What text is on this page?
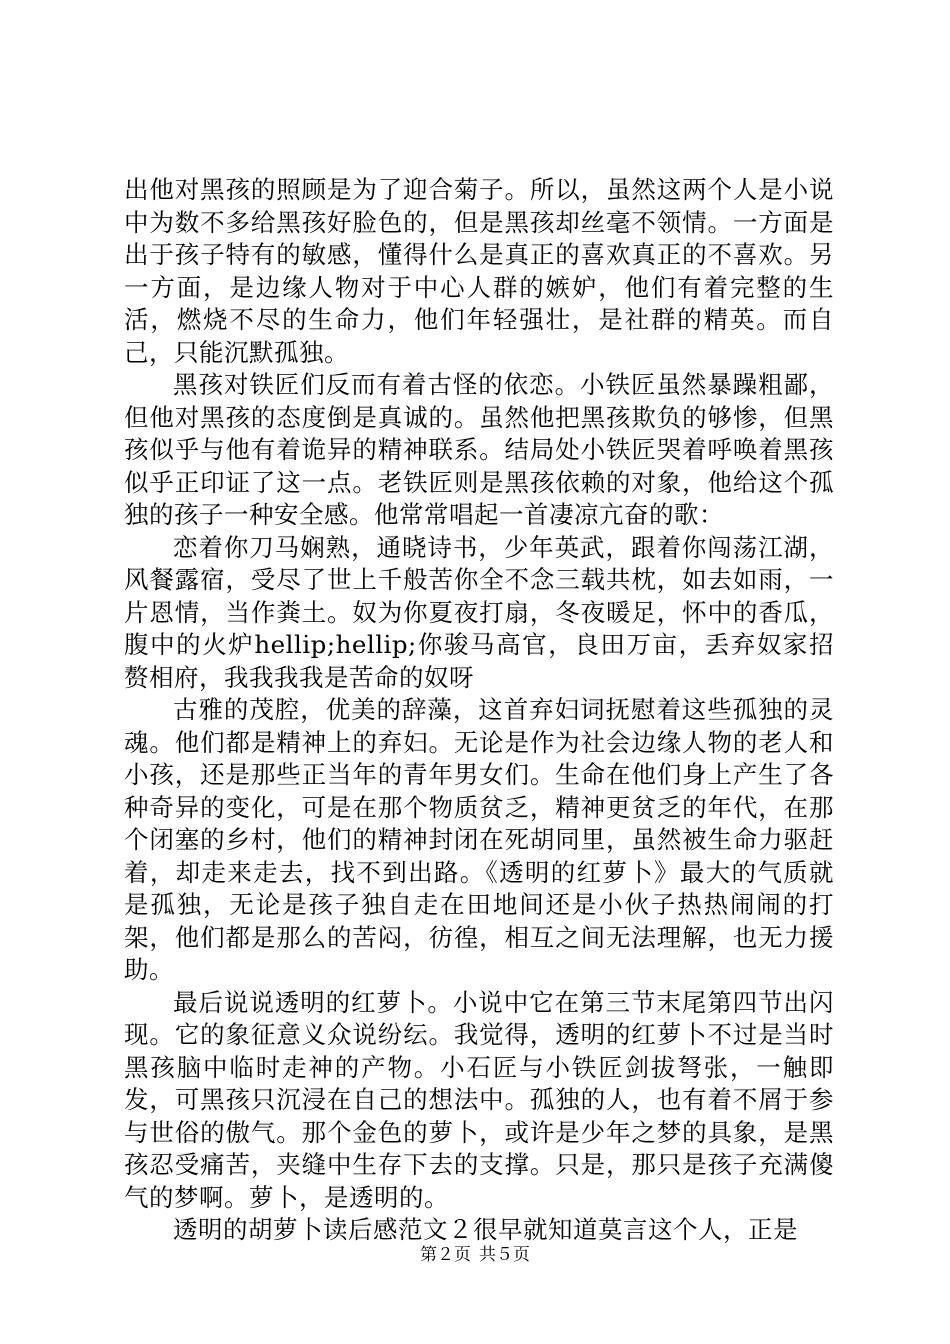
出他对黑孩的照顾是为了迎合菊子。所以，虽然这两个人是小说中为数不多给黑孩好脸色的，但是黑孩却丝毫不领情。一方面是出于孩子特有的敏感，懂得什么是真正的喜欢真正的不喜欢。另一方面，是边缘人物对于中心人群的嫉妒，他们有着完整的生活，燃烧不尽的生命力，他们年轻强壮，是社群的精英。而自己，只能沉默孤独。

黑孩对铁匠们反而有着古怪的依恋。小铁匠虽然暴躁粗鄙，但他对黑孩的态度倒是真诚的。虽然他把黑孩欺负的够惨，但黑孩似乎与他有着诡异的精神联系。结局处小铁匠哭着呼唤着黑孩似乎正印证了这一点。老铁匠则是黑孩依赖的对象，他给这个孤独的孩子一种安全感。他常常唱起一首凄凉亢奋的歌：

恋着你刀马娴熟，通晓诗书，少年英武，跟着你闯荡江湖，风餐露宿，受尽了世上千般苦你全不念三载共枕，如去如雨，一片恩情，当作粪土。奴为你夏夜打扇，冬夜暖足，怀中的香瓜，腹中的火炉hellip;hellip;你骏马高官，良田万亩，丢弃奴家招赘相府，我我我我是苦命的奴呀

古雅的茂腔，优美的辞藻，这首弃妇词抚慰着这些孤独的灵魂。他们都是精神上的弃妇。无论是作为社会边缘人物的老人和小孩，还是那些正当年的青年男女们。生命在他们身上产生了各种奇异的变化，可是在那个物质贫乏，精神更贫乏的年代，在那个闭塞的乡村，他们的精神封闭在死胡同里，虽然被生命力驱赶着，却走来走去，找不到出路。《透明的红萝卜》最大的气质就是孤独，无论是孩子独自走在田地间还是小伙子热热闹闹的打架，他们都是那么的苦闷，彷徨，相互之间无法理解，也无力援助。

最后说说透明的红萝卜。小说中它在第三节末尾第四节出闪现。它的象征意义众说纷纭。我觉得，透明的红萝卜不过是当时黑孩脑中临时走神的产物。小石匠与小铁匠剑拔弩张，一触即发，可黑孩只沉浸在自己的想法中。孤独的人，也有着不屑于参与世俗的傲气。那个金色的萝卜，或许是少年之梦的具象，是黑孩忍受痛苦，夹缝中生存下去的支撑。只是，那只是孩子充满傻气的梦啊。萝卜，是透明的。

透明的胡萝卜读后感范文２很早就知道莫言这个人，正是

第２页 共５页
